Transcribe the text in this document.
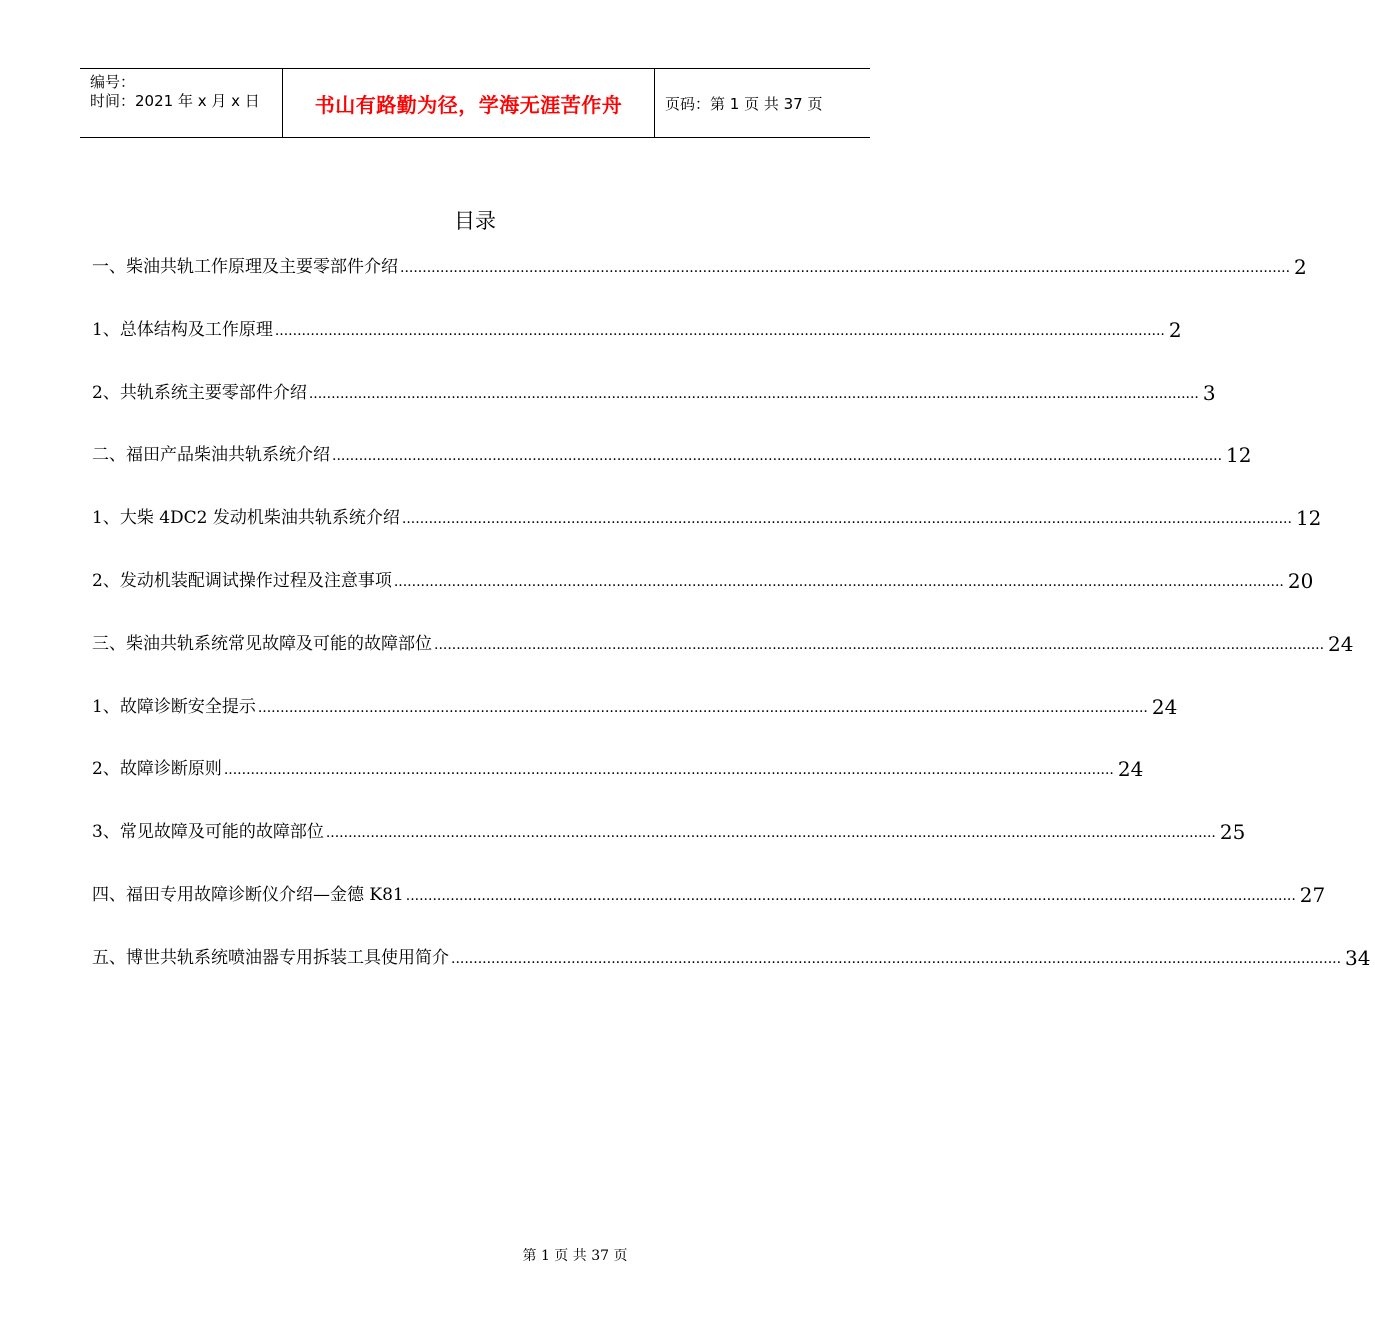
编号：
时间：2021 年 x 月 x 日	书山有路勤为径，学海无涯苦作舟	页码：第 1 页 共 37 页
目录
一、柴油共轨工作原理及主要零部件介绍 ........................................................................................................................................................................................................ 2
1、总体结构及工作原理 ........................................................................................................................................................................................................ 2
2、共轨系统主要零部件介绍 ........................................................................................................................................................................................................ 3
二、福田产品柴油共轨系统介绍 ........................................................................................................................................................................................................ 12
1、大柴 4DC2 发动机柴油共轨系统介绍 ........................................................................................................................................................................................................ 12
2、发动机装配调试操作过程及注意事项 ........................................................................................................................................................................................................ 20
三、柴油共轨系统常见故障及可能的故障部位 ........................................................................................................................................................................................................ 24
1、故障诊断安全提示 ........................................................................................................................................................................................................ 24
2、故障诊断原则 ........................................................................................................................................................................................................ 24
3、常见故障及可能的故障部位 ........................................................................................................................................................................................................ 25
四、福田专用故障诊断仪介绍—金德 K81 ........................................................................................................................................................................................................ 27
五、博世共轨系统喷油器专用拆装工具使用简介 ........................................................................................................................................................................................................ 34
第 1 页 共 37 页
